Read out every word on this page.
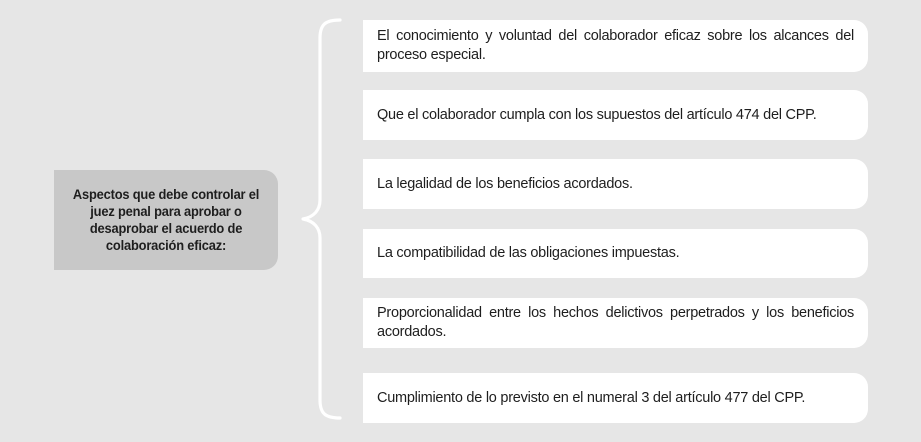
Aspectos que debe controlar el juez penal para aprobar o desaprobar el acuerdo de colaboración eficaz:
El conocimiento y voluntad del colaborador eficaz sobre los alcances del proceso especial.
Que el colaborador cumpla con los supuestos del artículo 474 del CPP.
La legalidad de los beneficios acordados.
La compatibilidad de las obligaciones impuestas.
Proporcionalidad entre los hechos delictivos perpetrados y los beneficios acordados.
Cumplimiento de lo previsto en el numeral 3 del artículo 477 del CPP.
